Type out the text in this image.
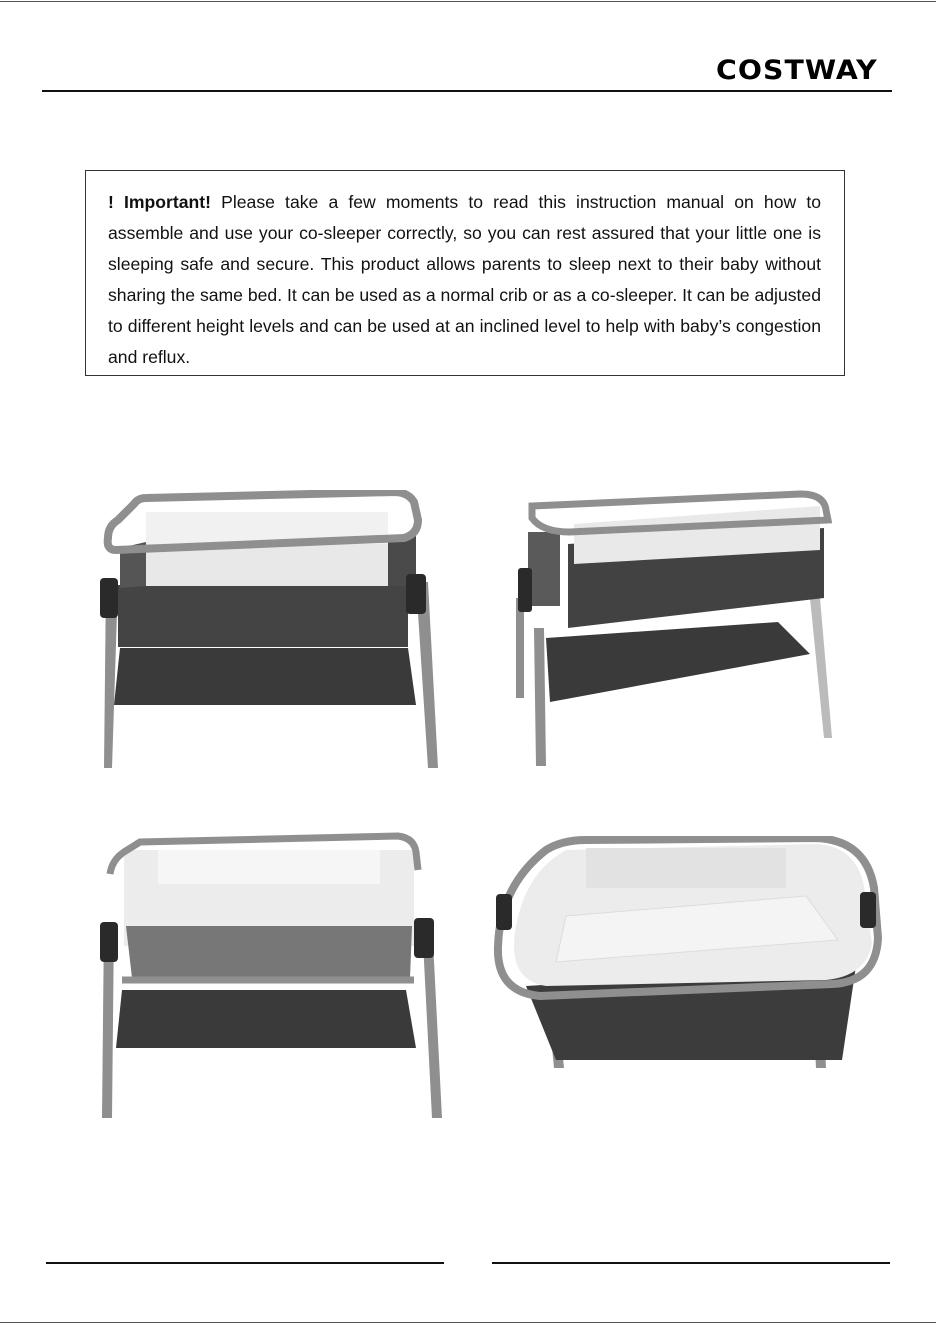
COSTWAY
! Important! Please take a few moments to read this instruction manual on how to assemble and use your co-sleeper correctly, so you can rest assured that your little one is sleeping safe and secure. This product allows parents to sleep next to their baby without sharing the same bed. It can be used as a normal crib or as a co-sleeper. It can be adjusted to different height levels and can be used at an inclined level to help with baby’s congestion and reflux.
